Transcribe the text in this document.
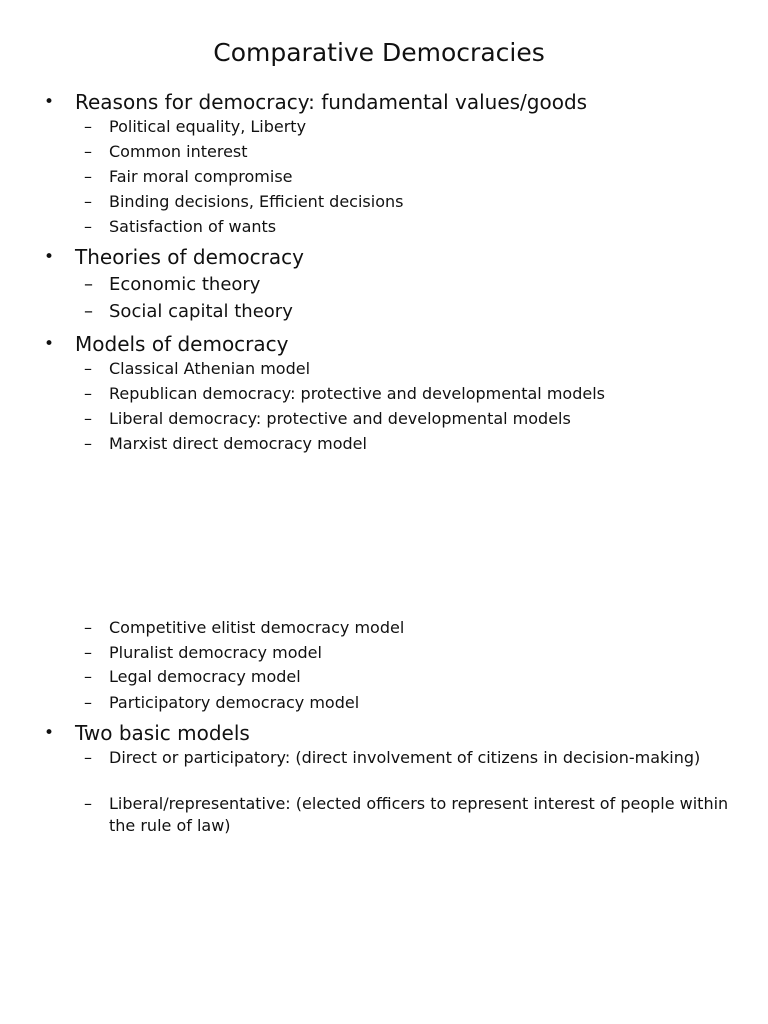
Comparative Democracies
• Reasons for democracy: fundamental values/goods
– Political equality, Liberty
– Common interest
– Fair moral compromise
– Binding decisions, Efficient decisions
– Satisfaction of wants
• Theories of democracy
– Economic theory
– Social capital theory
• Models of democracy
– Classical Athenian model
– Republican democracy: protective and developmental models
– Liberal democracy: protective and developmental models
– Marxist direct democracy model
– Competitive elitist democracy model
– Pluralist democracy model
– Legal democracy model
– Participatory democracy model
• Two basic models
– Direct or participatory: (direct involvement of citizens in decision-making)
– Liberal/representative: (elected officers to represent interest of people within the rule of law)
